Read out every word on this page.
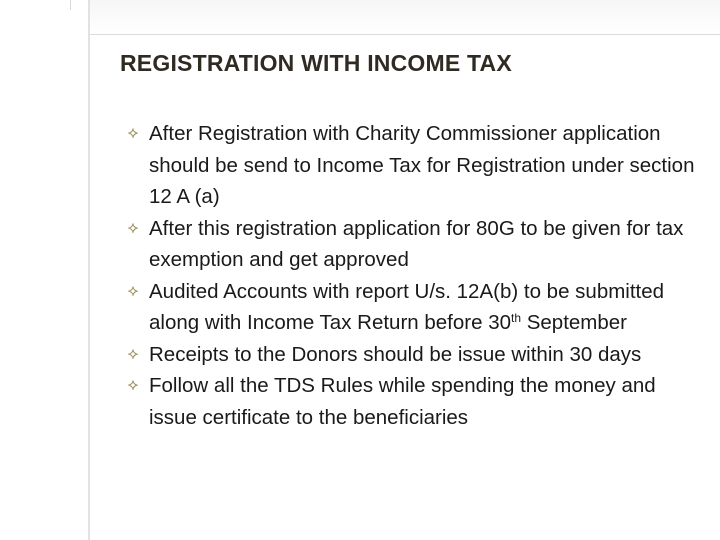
REGISTRATION WITH INCOME TAX
⯎ After Registration with Charity Commissioner application should be send to Income Tax for Registration under section 12 A (a)
⯎ After this registration application for 80G to be given for tax exemption and get approved
⯎ Audited Accounts with report U/s. 12A(b) to be submitted along with Income Tax Return before 30th September
⯎ Receipts to the Donors should be issue within 30 days
⯎ Follow all the TDS Rules while spending the money and issue certificate to the beneficiaries
